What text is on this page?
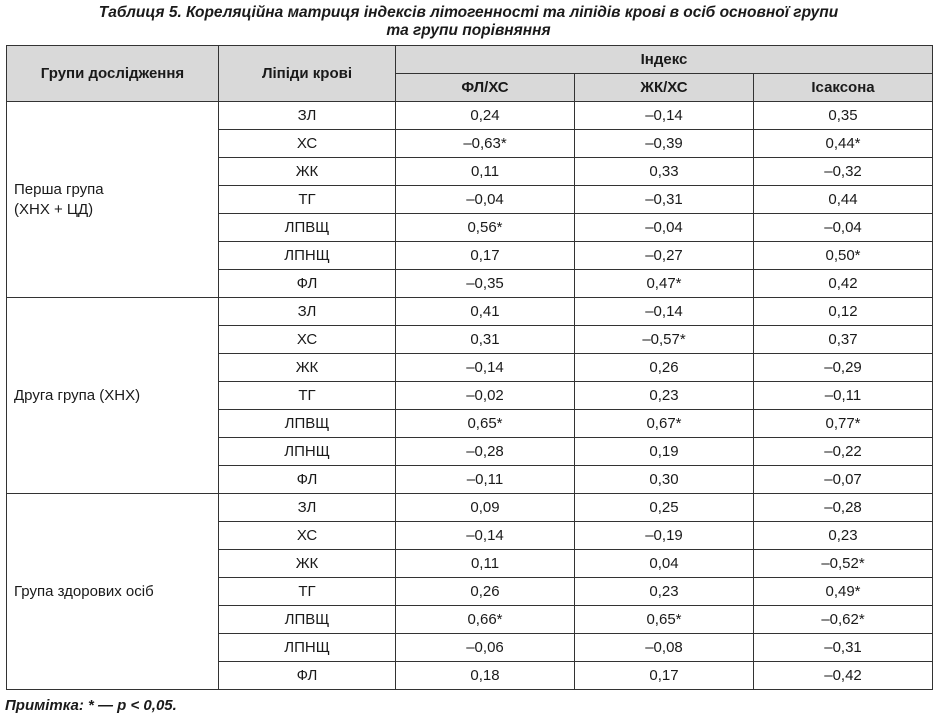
Таблиця 5. Кореляційна матриця індексів літогенності та ліпідів крові в осіб основної групи
та групи порівняння
Групи дослідження	Ліпіди крові	Індекс		
		ФЛ/ХС	ЖК/ХС	Ісаксона

Перша група
(ХНХ + ЦД)	ЗЛ	0,24	–0,14	0,35
	ХС	–0,63*	–0,39	0,44*
	ЖК	0,11	0,33	–0,32
	ТГ	–0,04	–0,31	0,44
	ЛПВЩ	0,56*	–0,04	–0,04
	ЛПНЩ	0,17	–0,27	0,50*
	ФЛ	–0,35	0,47*	0,42

Друга група (ХНХ)	ЗЛ	0,41	–0,14	0,12
	ХС	0,31	–0,57*	0,37
	ЖК	–0,14	0,26	–0,29
	ТГ	–0,02	0,23	–0,11
	ЛПВЩ	0,65*	0,67*	0,77*
	ЛПНЩ	–0,28	0,19	–0,22
	ФЛ	–0,11	0,30	–0,07

Група здорових осіб	ЗЛ	0,09	0,25	–0,28
	ХС	–0,14	–0,19	0,23
	ЖК	0,11	0,04	–0,52*
	ТГ	0,26	0,23	0,49*
	ЛПВЩ	0,66*	0,65*	–0,62*
	ЛПНЩ	–0,06	–0,08	–0,31
	ФЛ	0,18	0,17	–0,42
Примітка: * — p < 0,05.
